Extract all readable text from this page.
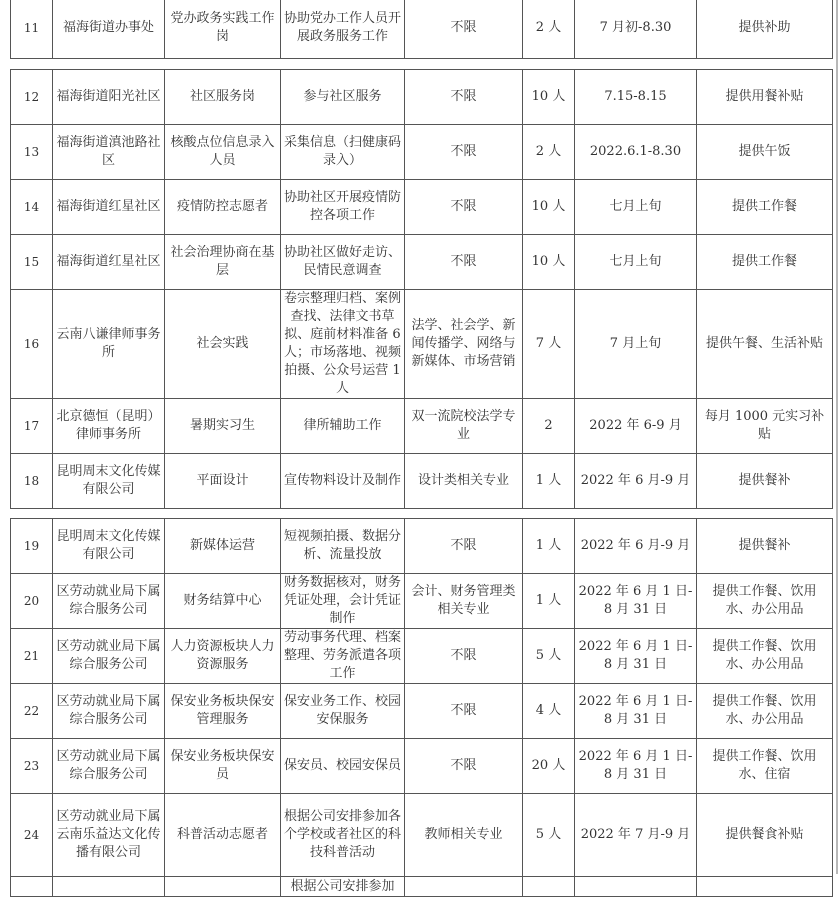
11	福海街道办事处	党办政务实践工作岗	协助党办工作人员开展政务服务工作	不限	2 人	7 月初-8.30	提供补助
12	福海街道阳光社区	社区服务岗	参与社区服务	不限	10 人	7.15-8.15	提供用餐补贴
13	福海街道滇池路社区	核酸点位信息录入人员	采集信息（扫健康码录入）	不限	2 人	2022.6.1-8.30	提供午饭
14	福海街道红星社区	疫情防控志愿者	协助社区开展疫情防控各项工作	不限	10 人	七月上旬	提供工作餐
15	福海街道红星社区	社会治理协商在基层	协助社区做好走访、民情民意调查	不限	10 人	七月上旬	提供工作餐
16	云南八谦律师事务所	社会实践	卷宗整理归档、案例查找、法律文书草拟、庭前材料准备 6 人；市场落地、视频拍摄、公众号运营 1 人	法学、社会学、新闻传播学、网络与新媒体、市场营销	7 人	7 月上旬	提供午餐、生活补贴
17	北京德恒（昆明）律师事务所	暑期实习生	律所辅助工作	双一流院校法学专业	2	2022 年 6-9 月	每月 1000 元实习补贴
18	昆明周末文化传媒有限公司	平面设计	宣传物料设计及制作	设计类相关专业	1 人	2022 年 6 月-9 月	提供餐补
19	昆明周末文化传媒有限公司	新媒体运营	短视频拍摄、数据分析、流量投放	不限	1 人	2022 年 6 月-9 月	提供餐补
20	区劳动就业局下属综合服务公司	财务结算中心	财务数据核对，财务凭证处理，会计凭证制作	会计、财务管理类相关专业	1 人	2022 年 6 月 1 日-8 月 31 日	提供工作餐、饮用水、办公用品
21	区劳动就业局下属综合服务公司	人力资源板块人力资源服务	劳动事务代理、档案整理、劳务派遣各项工作	不限	5 人	2022 年 6 月 1 日-8 月 31 日	提供工作餐、饮用水、办公用品
22	区劳动就业局下属综合服务公司	保安业务板块保安管理服务	保安业务工作、校园安保服务	不限	4 人	2022 年 6 月 1 日-8 月 31 日	提供工作餐、饮用水、办公用品
23	区劳动就业局下属综合服务公司	保安业务板块保安员	保安员、校园安保员	不限	20 人	2022 年 6 月 1 日-8 月 31 日	提供工作餐、饮用水、住宿
24	区劳动就业局下属云南乐益达文化传播有限公司	科普活动志愿者	根据公司安排参加各个学校或者社区的科技科普活动	教师相关专业	5 人	2022 年 7 月-9 月	提供餐食补贴
			根据公司安排参加				
